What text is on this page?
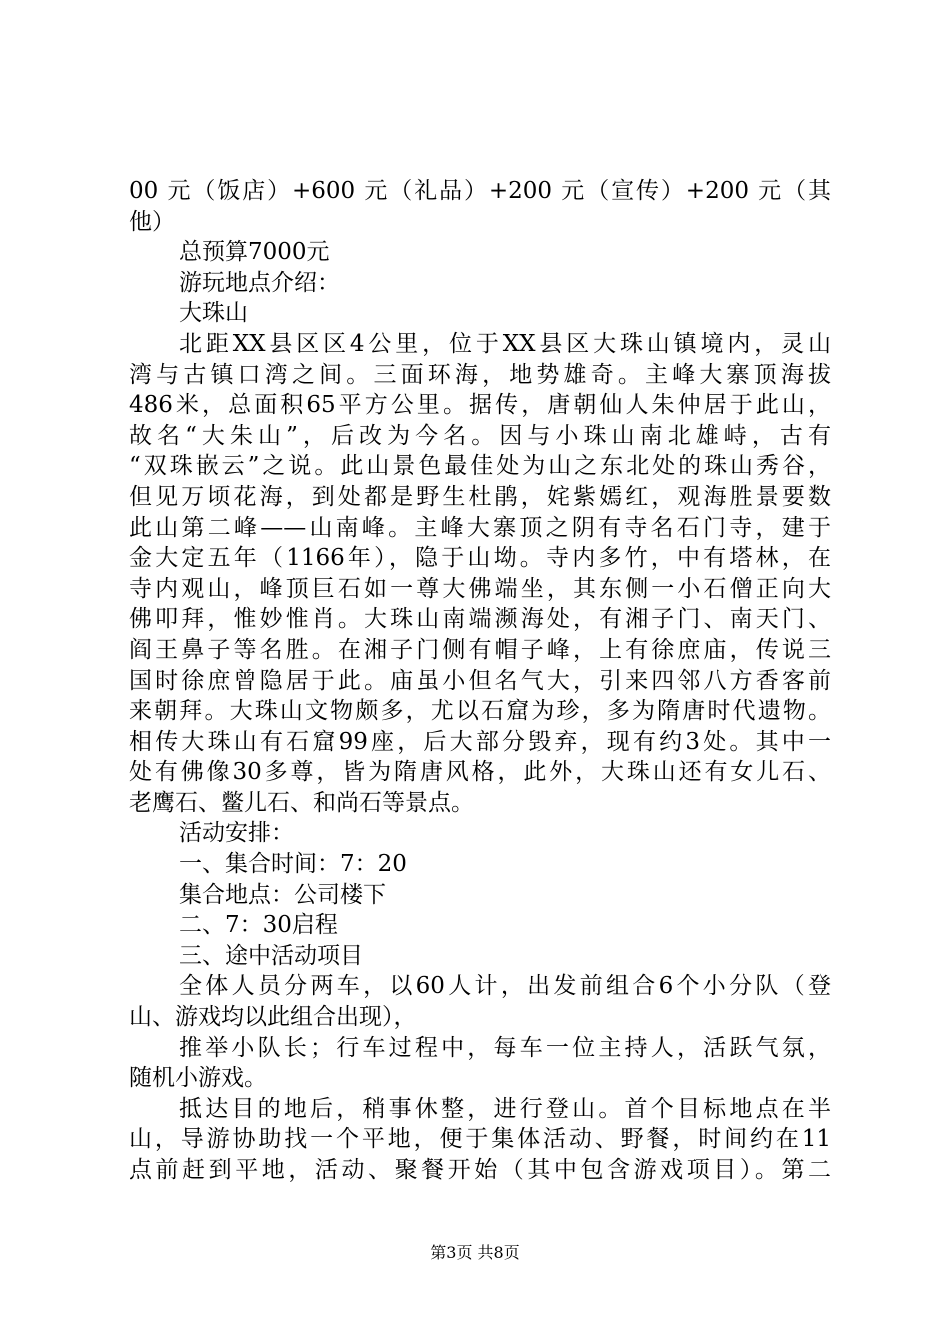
00 元（饭店）+600 元（礼品）+200 元（宣传）+200 元（其
他）
总预算7000元
游玩地点介绍：
大珠山
北距XX县区区4公里，位于XX县区大珠山镇境内，灵山
湾与古镇口湾之间。三面环海，地势雄奇。主峰大寨顶海拔
486米，总面积65平方公里。据传，唐朝仙人朱仲居于此山，
故名“大朱山”，后改为今名。因与小珠山南北雄峙，古有
“双珠嵌云”之说。此山景色最佳处为山之东北处的珠山秀谷，
但见万顷花海，到处都是野生杜鹃，姹紫嫣红，观海胜景要数
此山第二峰——山南峰。主峰大寨顶之阴有寺名石门寺，建于
金大定五年（1166年），隐于山坳。寺内多竹，中有塔林，在
寺内观山，峰顶巨石如一尊大佛端坐，其东侧一小石僧正向大
佛叩拜，惟妙惟肖。大珠山南端濒海处，有湘子门、南天门、
阎王鼻子等名胜。在湘子门侧有帽子峰，上有徐庶庙，传说三
国时徐庶曾隐居于此。庙虽小但名气大，引来四邻八方香客前
来朝拜。大珠山文物颇多，尤以石窟为珍，多为隋唐时代遗物。
相传大珠山有石窟99座，后大部分毁弃，现有约3处。其中一
处有佛像30多尊，皆为隋唐风格，此外，大珠山还有女儿石、
老鹰石、鳖儿石、和尚石等景点。
活动安排：
一、集合时间：7：20
集合地点：公司楼下
二、7：30启程
三、途中活动项目
全体人员分两车，以60人计，出发前组合6个小分队（登
山、游戏均以此组合出现），
推举小队长；行车过程中，每车一位主持人，活跃气氛，
随机小游戏。
抵达目的地后，稍事休整，进行登山。首个目标地点在半
山，导游协助找一个平地，便于集体活动、野餐，时间约在11
点前赶到平地，活动、聚餐开始（其中包含游戏项目）。第二
第3页 共8页
